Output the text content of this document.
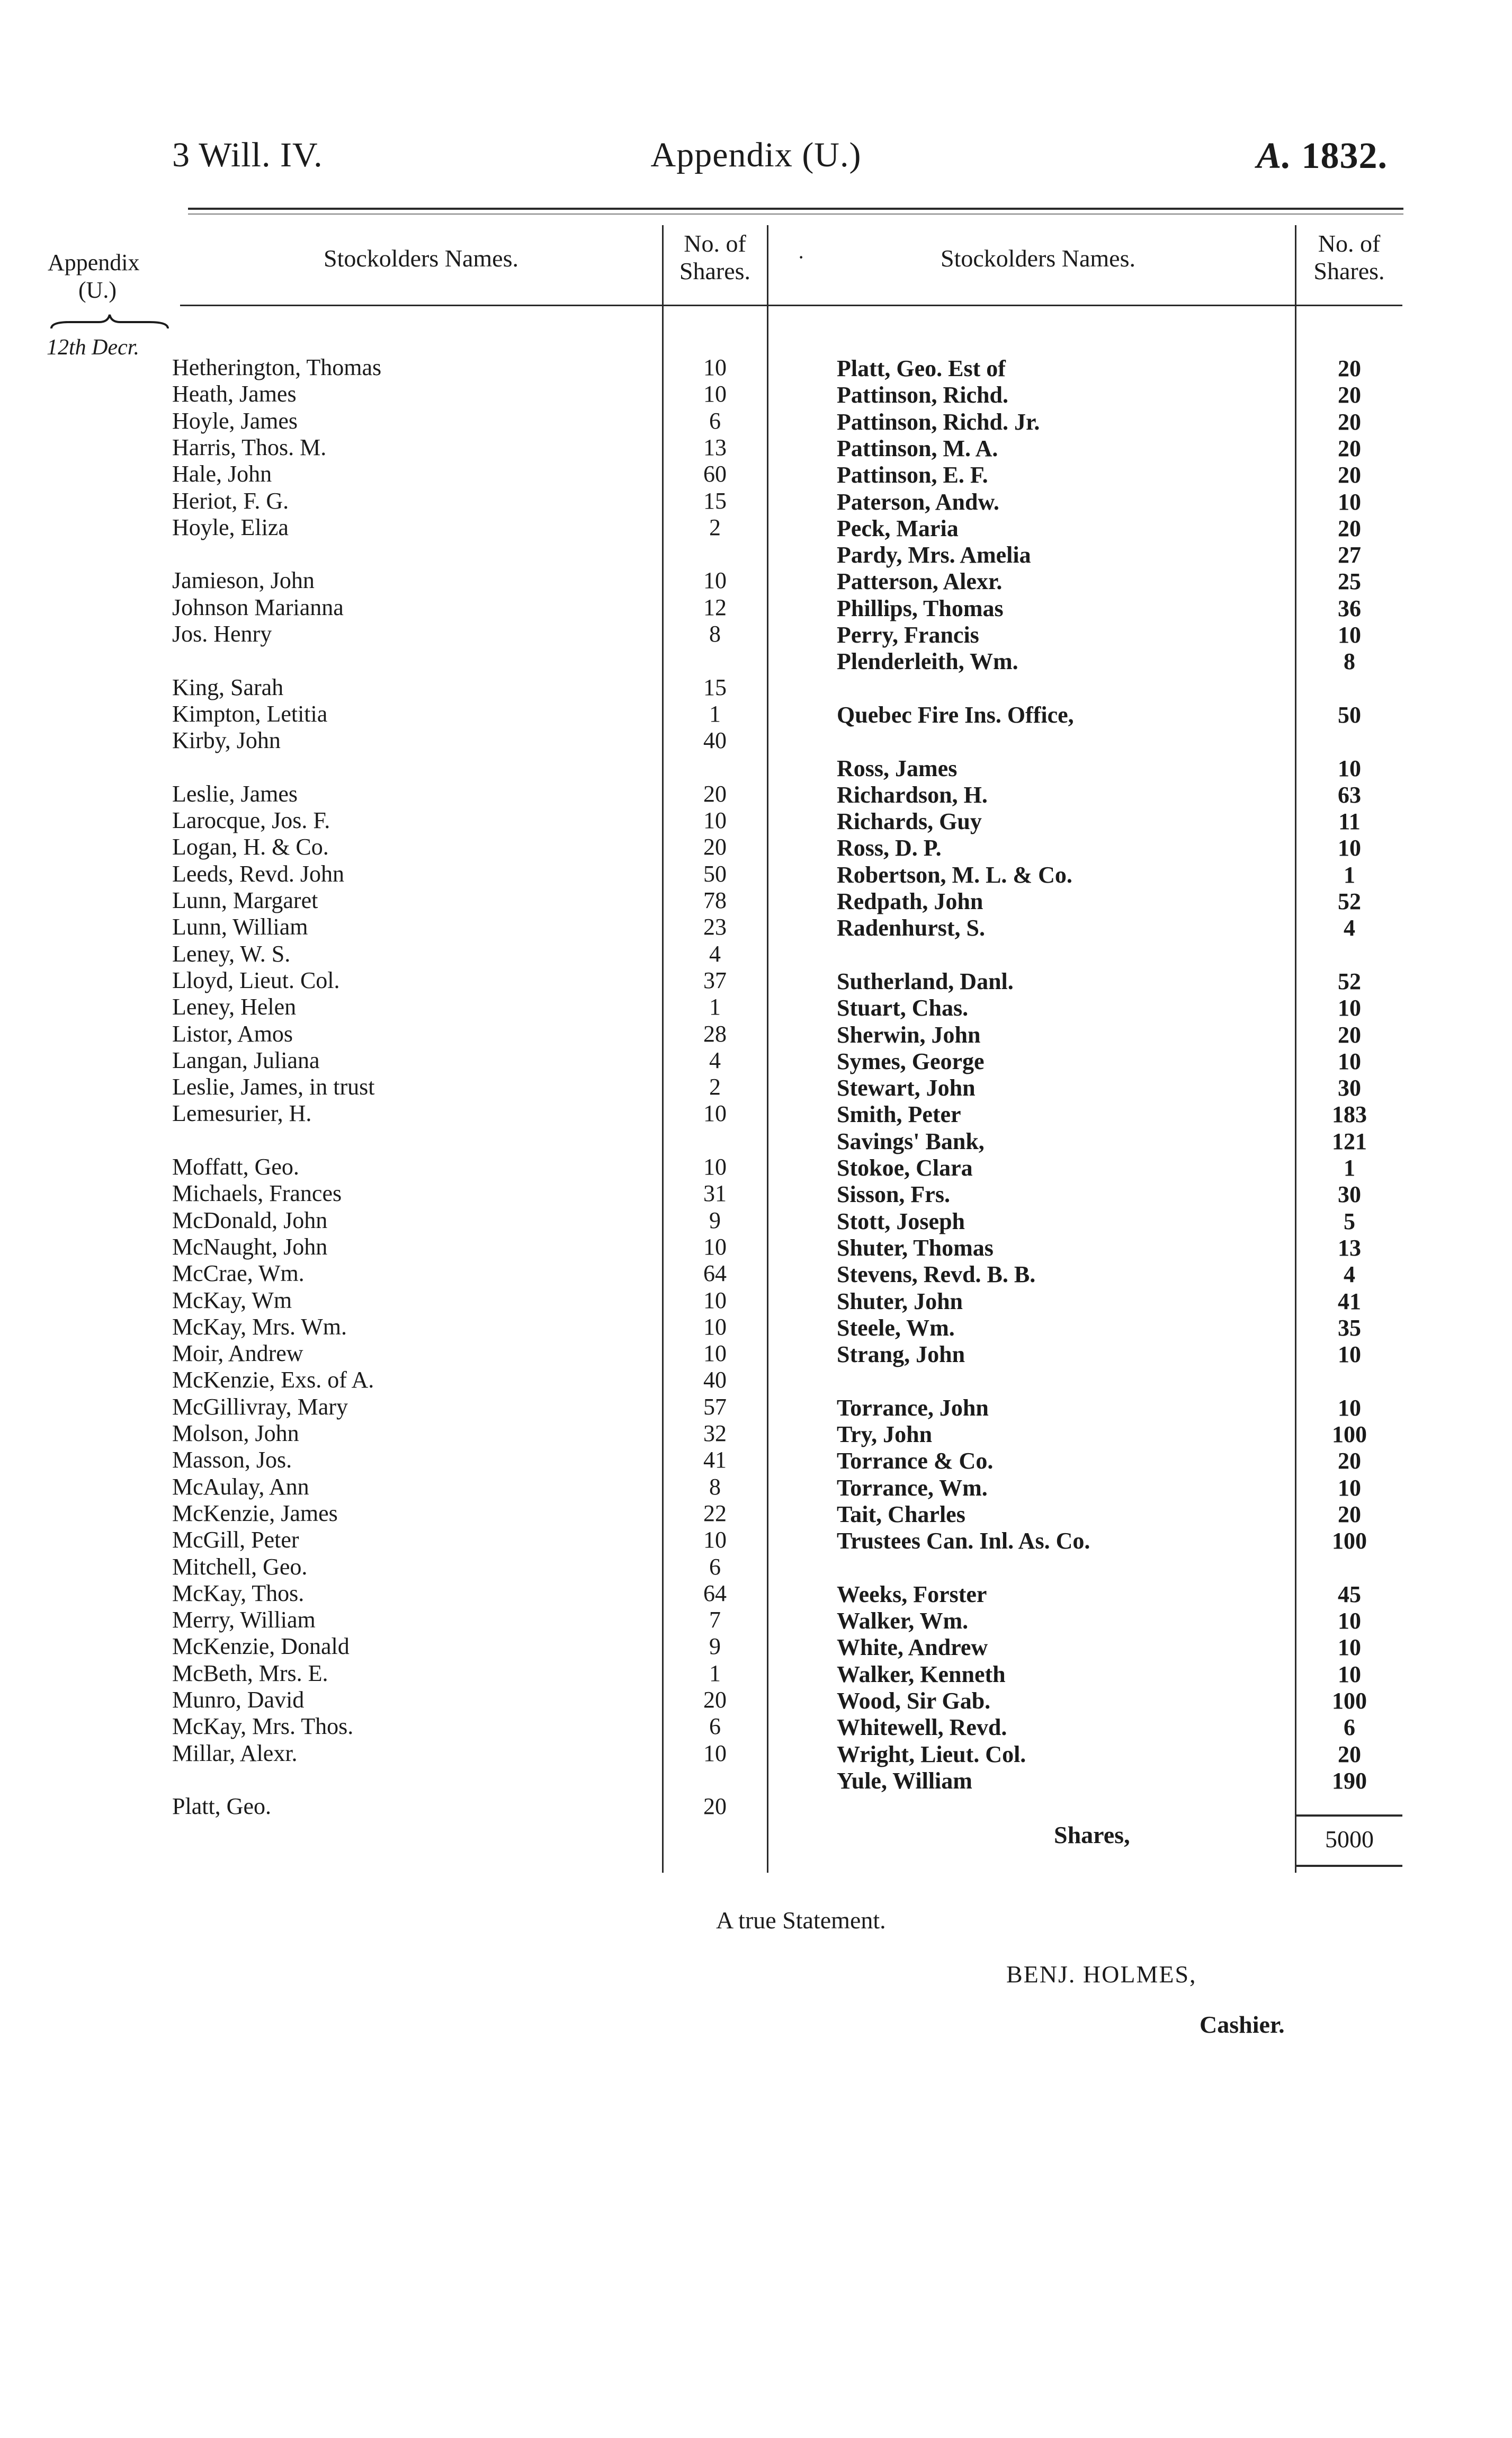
3 Will. IV.	Appendix (U.)	A. 1832.
Appendix
(U.)
12th Decr.
Stockolders Names.
No. of
Shares.
·	Stockolders Names.
No. of
Shares.
Hetherington, Thomas	10
Heath, James	10
Hoyle, James	6
Harris, Thos. M.	13
Hale, John	60
Heriot, F. G.	15
Hoyle, Eliza	2
Jamieson, John	10
Johnson Marianna	12
Jos. Henry	8
King, Sarah	15
Kimpton, Letitia	1
Kirby, John	40
Leslie, James	20
Larocque, Jos. F.	10
Logan, H. & Co.	20
Leeds, Revd. John	50
Lunn, Margaret	78
Lunn, William	23
Leney, W. S.	4
Lloyd, Lieut. Col.	37
Leney, Helen	1
Listor, Amos	28
Langan, Juliana	4
Leslie, James, in trust	2
Lemesurier, H.	10
Moffatt, Geo.	10
Michaels, Frances	31
McDonald, John	9
McNaught, John	10
McCrae, Wm.	64
McKay, Wm	10
McKay, Mrs. Wm.	10
Moir, Andrew	10
McKenzie, Exs. of A.	40
McGillivray, Mary	57
Molson, John	32
Masson, Jos.	41
McAulay, Ann	8
McKenzie, James	22
McGill, Peter	10
Mitchell, Geo.	6
McKay, Thos.	64
Merry, William	7
McKenzie, Donald	9
McBeth, Mrs. E.	1
Munro, David	20
McKay, Mrs. Thos.	6
Millar, Alexr.	10
Platt, Geo.	20
Platt, Geo. Est of	20
Pattinson, Richd.	20
Pattinson, Richd. Jr.	20
Pattinson, M. A.	20
Pattinson, E. F.	20
Paterson, Andw.	10
Peck, Maria	20
Pardy, Mrs. Amelia	27
Patterson, Alexr.	25
Phillips, Thomas	36
Perry, Francis	10
Plenderleith, Wm.	8
Quebec Fire Ins. Office,	50
Ross, James	10
Richardson, H.	63
Richards, Guy	11
Ross, D. P.	10
Robertson, M. L. & Co.	1
Redpath, John	52
Radenhurst, S.	4
Sutherland, Danl.	52
Stuart, Chas.	10
Sherwin, John	20
Symes, George	10
Stewart, John	30
Smith, Peter	183
Savings' Bank,	121
Stokoe, Clara	1
Sisson, Frs.	30
Stott, Joseph	5
Shuter, Thomas	13
Stevens, Revd. B. B.	4
Shuter, John	41
Steele, Wm.	35
Strang, John	10
Torrance, John	10
Try, John	100
Torrance & Co.	20
Torrance, Wm.	10
Tait, Charles	20
Trustees Can. Inl. As. Co.	100
Weeks, Forster	45
Walker, Wm.	10
White, Andrew	10
Walker, Kenneth	10
Wood, Sir Gab.	100
Whitewell, Revd.	6
Wright, Lieut. Col.	20
Yule, William	190
Shares,	5000
A true Statement.
BENJ. HOLMES,
Cashier.
